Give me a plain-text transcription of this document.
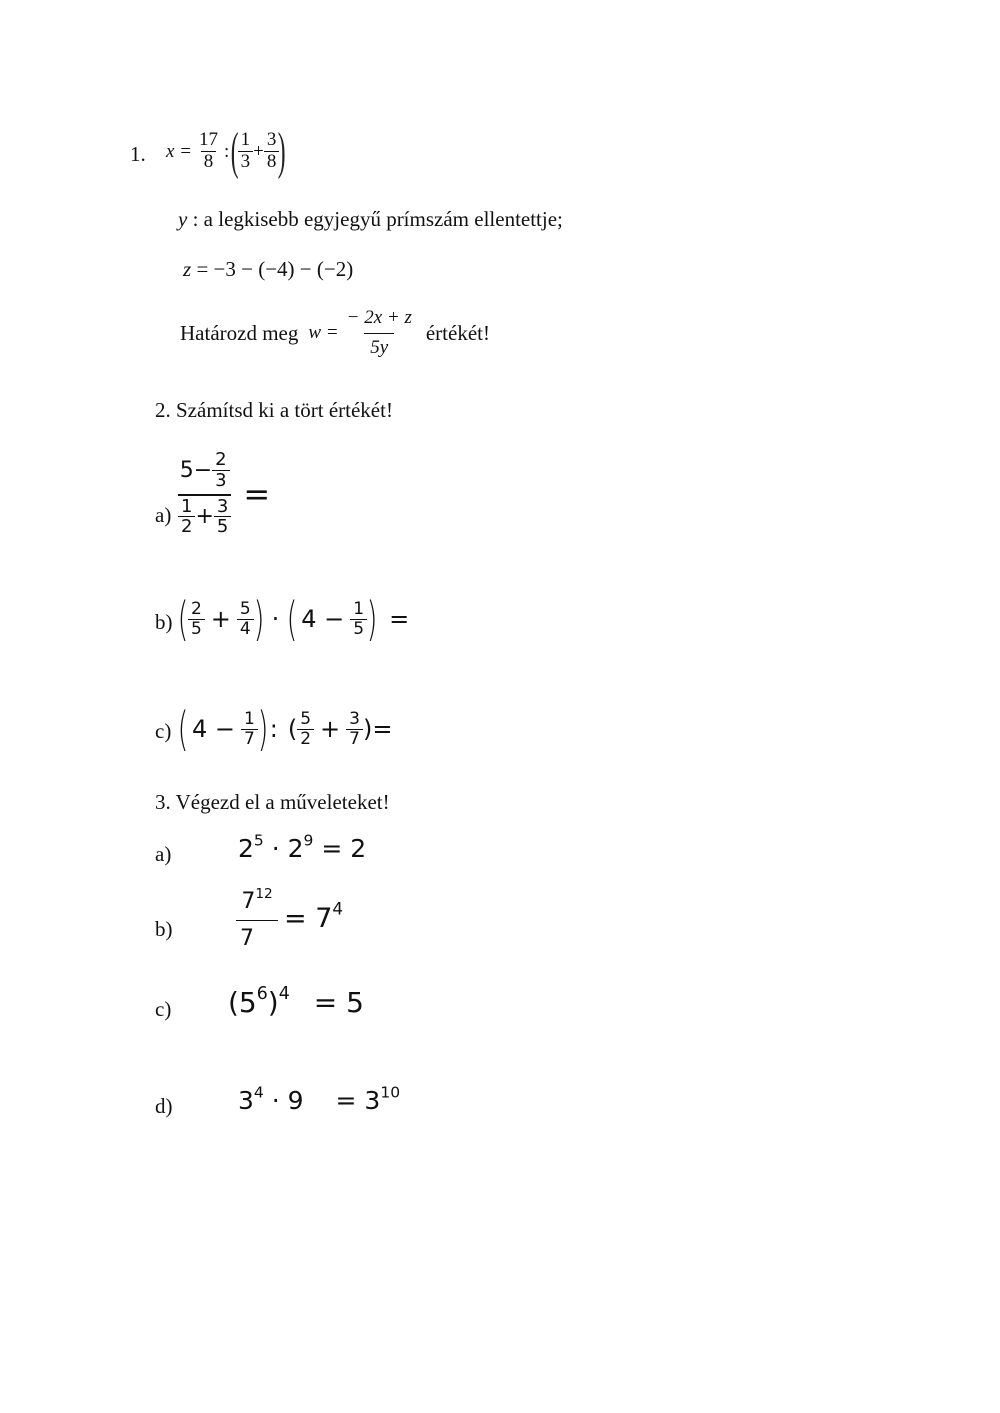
1. $x = \frac{17}{8}$ : (
$\frac{1}{3} + \frac{3}{8}$
)
y : a legkisebb egyjegyű prímszám ellentettje;
z = −3 − (−4) − (−2)
Határozd meg $w = \frac{- 2x + z}{5y}$ értékét!
2. Számítsd ki a tört értékét!
$a) \frac{5- \frac{2}{3}}{\frac{1}{2} + \frac{3}{5}}$ =
b) ( $\frac{2}{5} + \frac{5}{4}$ ) · ( $4 - \frac{1}{5}$ ) =
c) ( $4 - \frac{1}{7}$ ) : ( $\frac{5}{2} + \frac{3}{7}$ )=
3. Végezd el a műveleteket!
a)	$2^5 \cdot 2^9 = 2$
b)	$\frac{7^{12}}{7} = 7^4$
c) $(5^6)^4 = 5$
d)	$3^4 \cdot 9 = 3^{10}$
